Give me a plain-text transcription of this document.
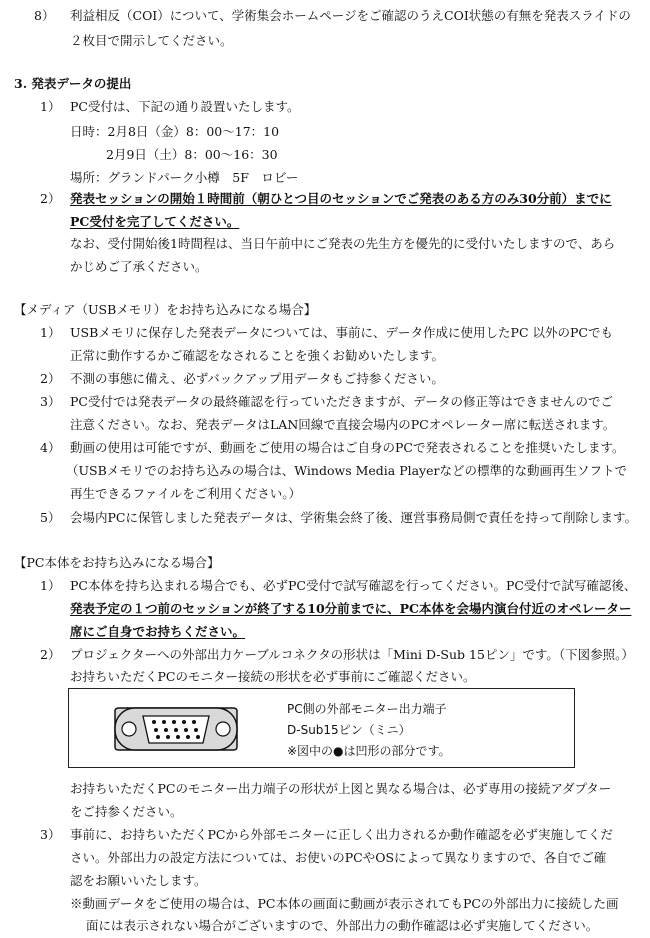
8） 利益相反（COI）について、学術集会ホームページをご確認のうえCOI状態の有無を発表スライドの
２枚目で開示してください。
3. 発表データの提出
1） PC受付は、下記の通り設置いたします。
日時：2月8日（金）8：00〜17：10
2月9日（土）8：00〜16：30
場所：グランドパーク小樽　5F　ロビー
2） 発表セッションの開始１時間前（朝ひとつ目のセッションでご発表のある方のみ30分前）までに
PC受付を完了してください。
なお、受付開始後1時間程は、当日午前中にご発表の先生方を優先的に受付いたしますので、あら
かじめご了承ください。
【メディア（USBメモリ）をお持ち込みになる場合】
1） USBメモリに保存した発表データについては、事前に、データ作成に使用したPC 以外のPCでも
正常に動作するかご確認をなされることを強くお勧めいたします。
2） 不測の事態に備え、必ずバックアップ用データもご持参ください。
3） PC受付では発表データの最終確認を行っていただきますが、データの修正等はできませんのでご
注意ください。なお、発表データはLAN回線で直接会場内のPCオペレーター席に転送されます。
4） 動画の使用は可能ですが、動画をご使用の場合はご自身のPCで発表されることを推奨いたします。
（USBメモリでのお持ち込みの場合は、Windows Media Playerなどの標準的な動画再生ソフトで
再生できるファイルをご利用ください。）
5） 会場内PCに保管しました発表データは、学術集会終了後、運営事務局側で責任を持って削除します。
【PC本体をお持ち込みになる場合】
1） PC本体を持ち込まれる場合でも、必ずPC受付で試写確認を行ってください。PC受付で試写確認後、
発表予定の１つ前のセッションが終了する10分前までに、PC本体を会場内演台付近のオペレーター
席にご自身でお持ちください。
2） プロジェクターへの外部出力ケーブルコネクタの形状は「Mini D-Sub 15ピン」です。（下図参照。）
お持ちいただくPCのモニター接続の形状を必ず事前にご確認ください。
PC側の外部モニター出力端子
D-Sub15ピン（ミニ）
※図中の●は凹形の部分です。
お持ちいただくPCのモニター出力端子の形状が上図と異なる場合は、必ず専用の接続アダプター
をご持参ください。
3） 事前に、お持ちいただくPCから外部モニターに正しく出力されるか動作確認を必ず実施してくだ
さい。外部出力の設定方法については、お使いのPCやOSによって異なりますので、各自でご確
認をお願いいたします。
※動画データをご使用の場合は、PC本体の画面に動画が表示されてもPCの外部出力に接続した画
面には表示されない場合がございますので、外部出力の動作確認は必ず実施してください。
